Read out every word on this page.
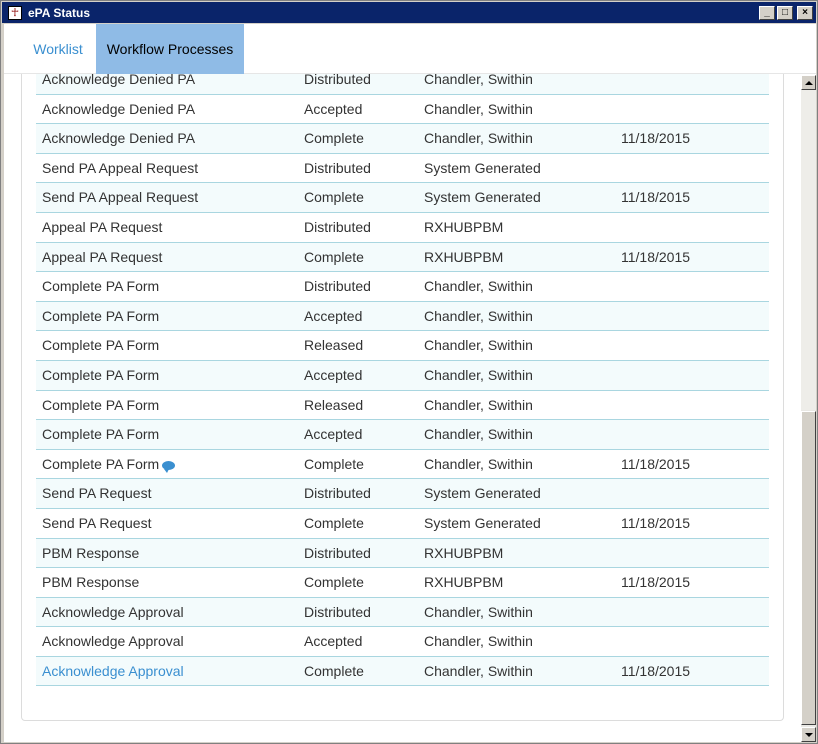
☥ ePA Status	_	□	×
Worklist	Workflow Processes
Acknowledge Denied PA	Distributed	Chandler, Swithin
Acknowledge Denied PA	Accepted	Chandler, Swithin
Acknowledge Denied PA	Complete	Chandler, Swithin	11/18/2015
Send PA Appeal Request	Distributed	System Generated
Send PA Appeal Request	Complete	System Generated	11/18/2015
Appeal PA Request	Distributed	RXHUBPBM
Appeal PA Request	Complete	RXHUBPBM	11/18/2015
Complete PA Form	Distributed	Chandler, Swithin
Complete PA Form	Accepted	Chandler, Swithin
Complete PA Form	Released	Chandler, Swithin
Complete PA Form	Accepted	Chandler, Swithin
Complete PA Form	Released	Chandler, Swithin
Complete PA Form	Accepted	Chandler, Swithin
Complete PA Form	Complete	Chandler, Swithin	11/18/2015
Send PA Request	Distributed	System Generated
Send PA Request	Complete	System Generated	11/18/2015
PBM Response	Distributed	RXHUBPBM
PBM Response	Complete	RXHUBPBM	11/18/2015
Acknowledge Approval	Distributed	Chandler, Swithin
Acknowledge Approval	Accepted	Chandler, Swithin
Acknowledge Approval	Complete	Chandler, Swithin	11/18/2015
